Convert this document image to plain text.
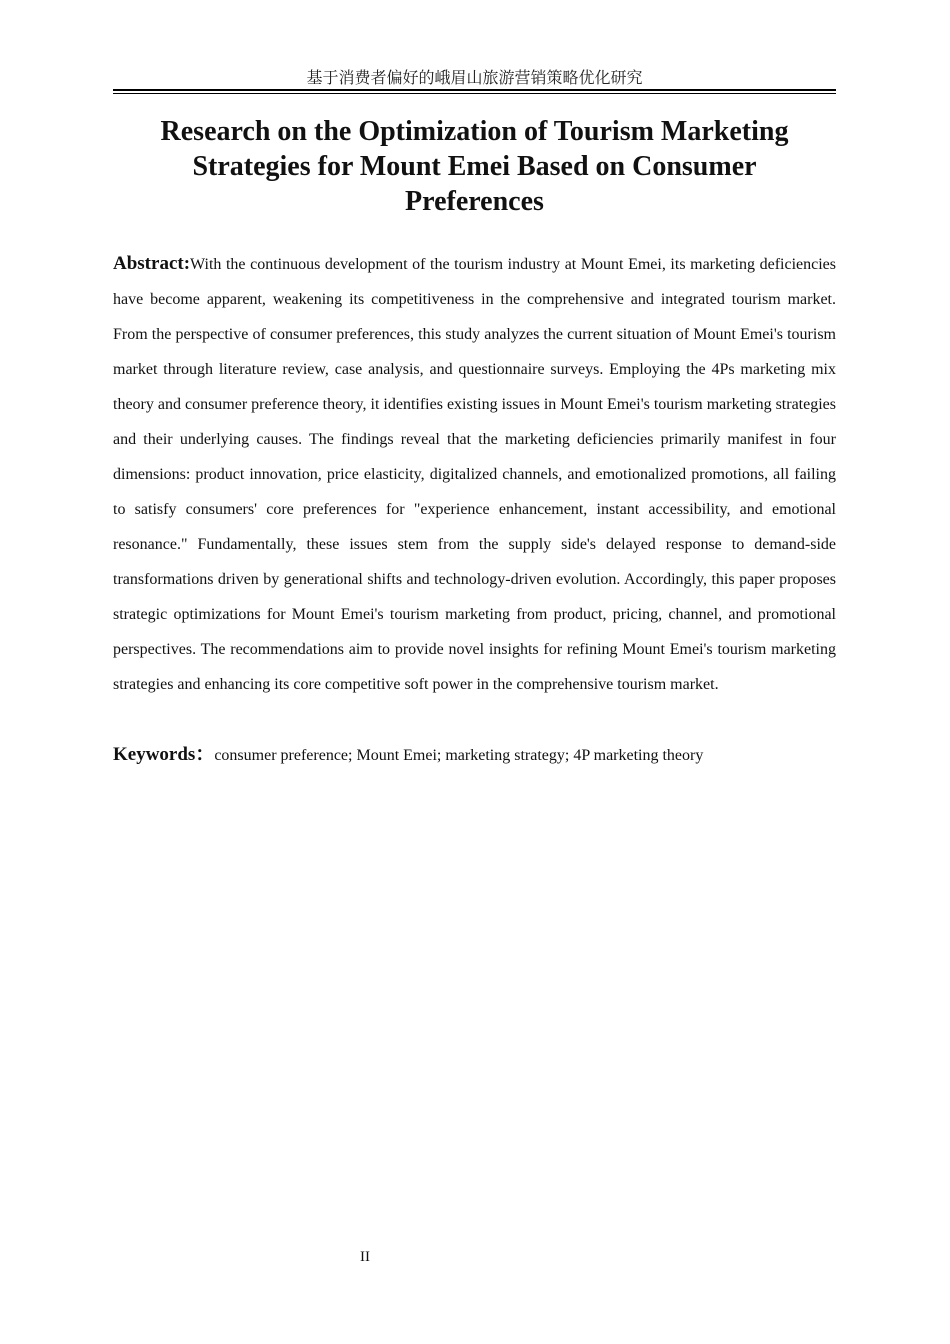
基于消费者偏好的峨眉山旅游营销策略优化研究
Research on the Optimization of Tourism Marketing
Strategies for Mount Emei Based on Consumer
Preferences

Abstract:With the continuous development of the tourism industry at Mount Emei, its marketing deficiencies have become apparent, weakening its competitiveness in the comprehensive and integrated tourism market. From the perspective of consumer preferences, this study analyzes the current situation of Mount Emei's tourism market through literature review, case analysis, and questionnaire surveys. Employing the 4Ps marketing mix theory and consumer preference theory, it identifies existing issues in Mount Emei's tourism marketing strategies and their underlying causes. The findings reveal that the marketing deficiencies primarily manifest in four dimensions: product innovation, price elasticity, digitalized channels, and emotionalized promotions, all failing to satisfy consumers' core preferences for "experience enhancement, instant accessibility, and emotional resonance." Fundamentally, these issues stem from the supply side's delayed response to demand-side transformations driven by generational shifts and technology-driven evolution. Accordingly, this paper proposes strategic optimizations for Mount Emei's tourism marketing from product, pricing, channel, and promotional perspectives. The recommendations aim to provide novel insights for refining Mount Emei's tourism marketing strategies and enhancing its core competitive soft power in the comprehensive tourism market.

Keywords：consumer preference; Mount Emei; marketing strategy; 4P marketing theory

II
